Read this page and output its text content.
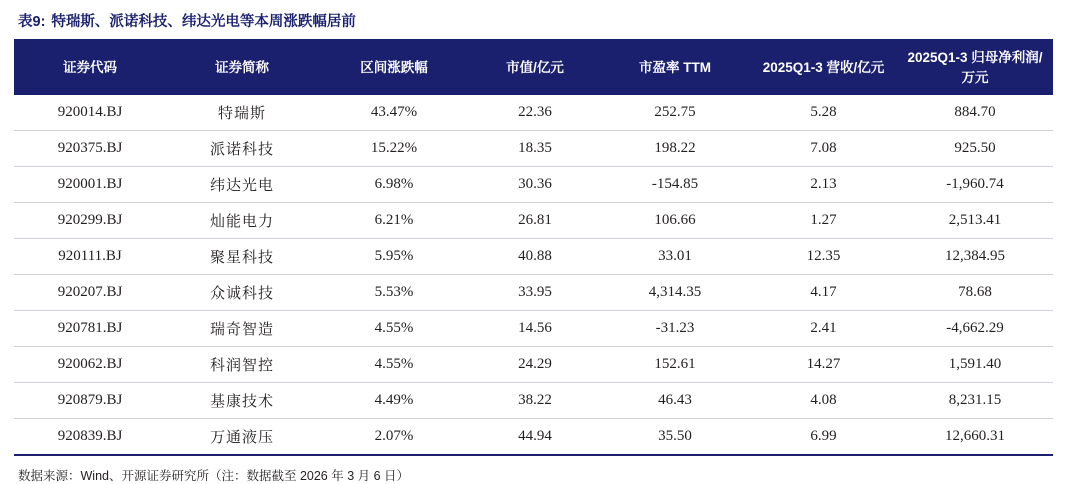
表9: 特瑞斯、派诺科技、纬达光电等本周涨跌幅居前
证券代码	证券简称	区间涨跌幅	市值/亿元	市盈率 TTM	2025Q1-3 营收/亿元	2025Q1-3 归母净利润/万元
920014.BJ	特瑞斯	43.47%	22.36	252.75	5.28	884.70
920375.BJ	派诺科技	15.22%	18.35	198.22	7.08	925.50
920001.BJ	纬达光电	6.98%	30.36	-154.85	2.13	-1,960.74
920299.BJ	灿能电力	6.21%	26.81	106.66	1.27	2,513.41
920111.BJ	聚星科技	5.95%	40.88	33.01	12.35	12,384.95
920207.BJ	众诚科技	5.53%	33.95	4,314.35	4.17	78.68
920781.BJ	瑞奇智造	4.55%	14.56	-31.23	2.41	-4,662.29
920062.BJ	科润智控	4.55%	24.29	152.61	14.27	1,591.40
920879.BJ	基康技术	4.49%	38.22	46.43	4.08	8,231.15
920839.BJ	万通液压	2.07%	44.94	35.50	6.99	12,660.31
数据来源：Wind、开源证券研究所（注：数据截至 2026 年 3 月 6 日）
